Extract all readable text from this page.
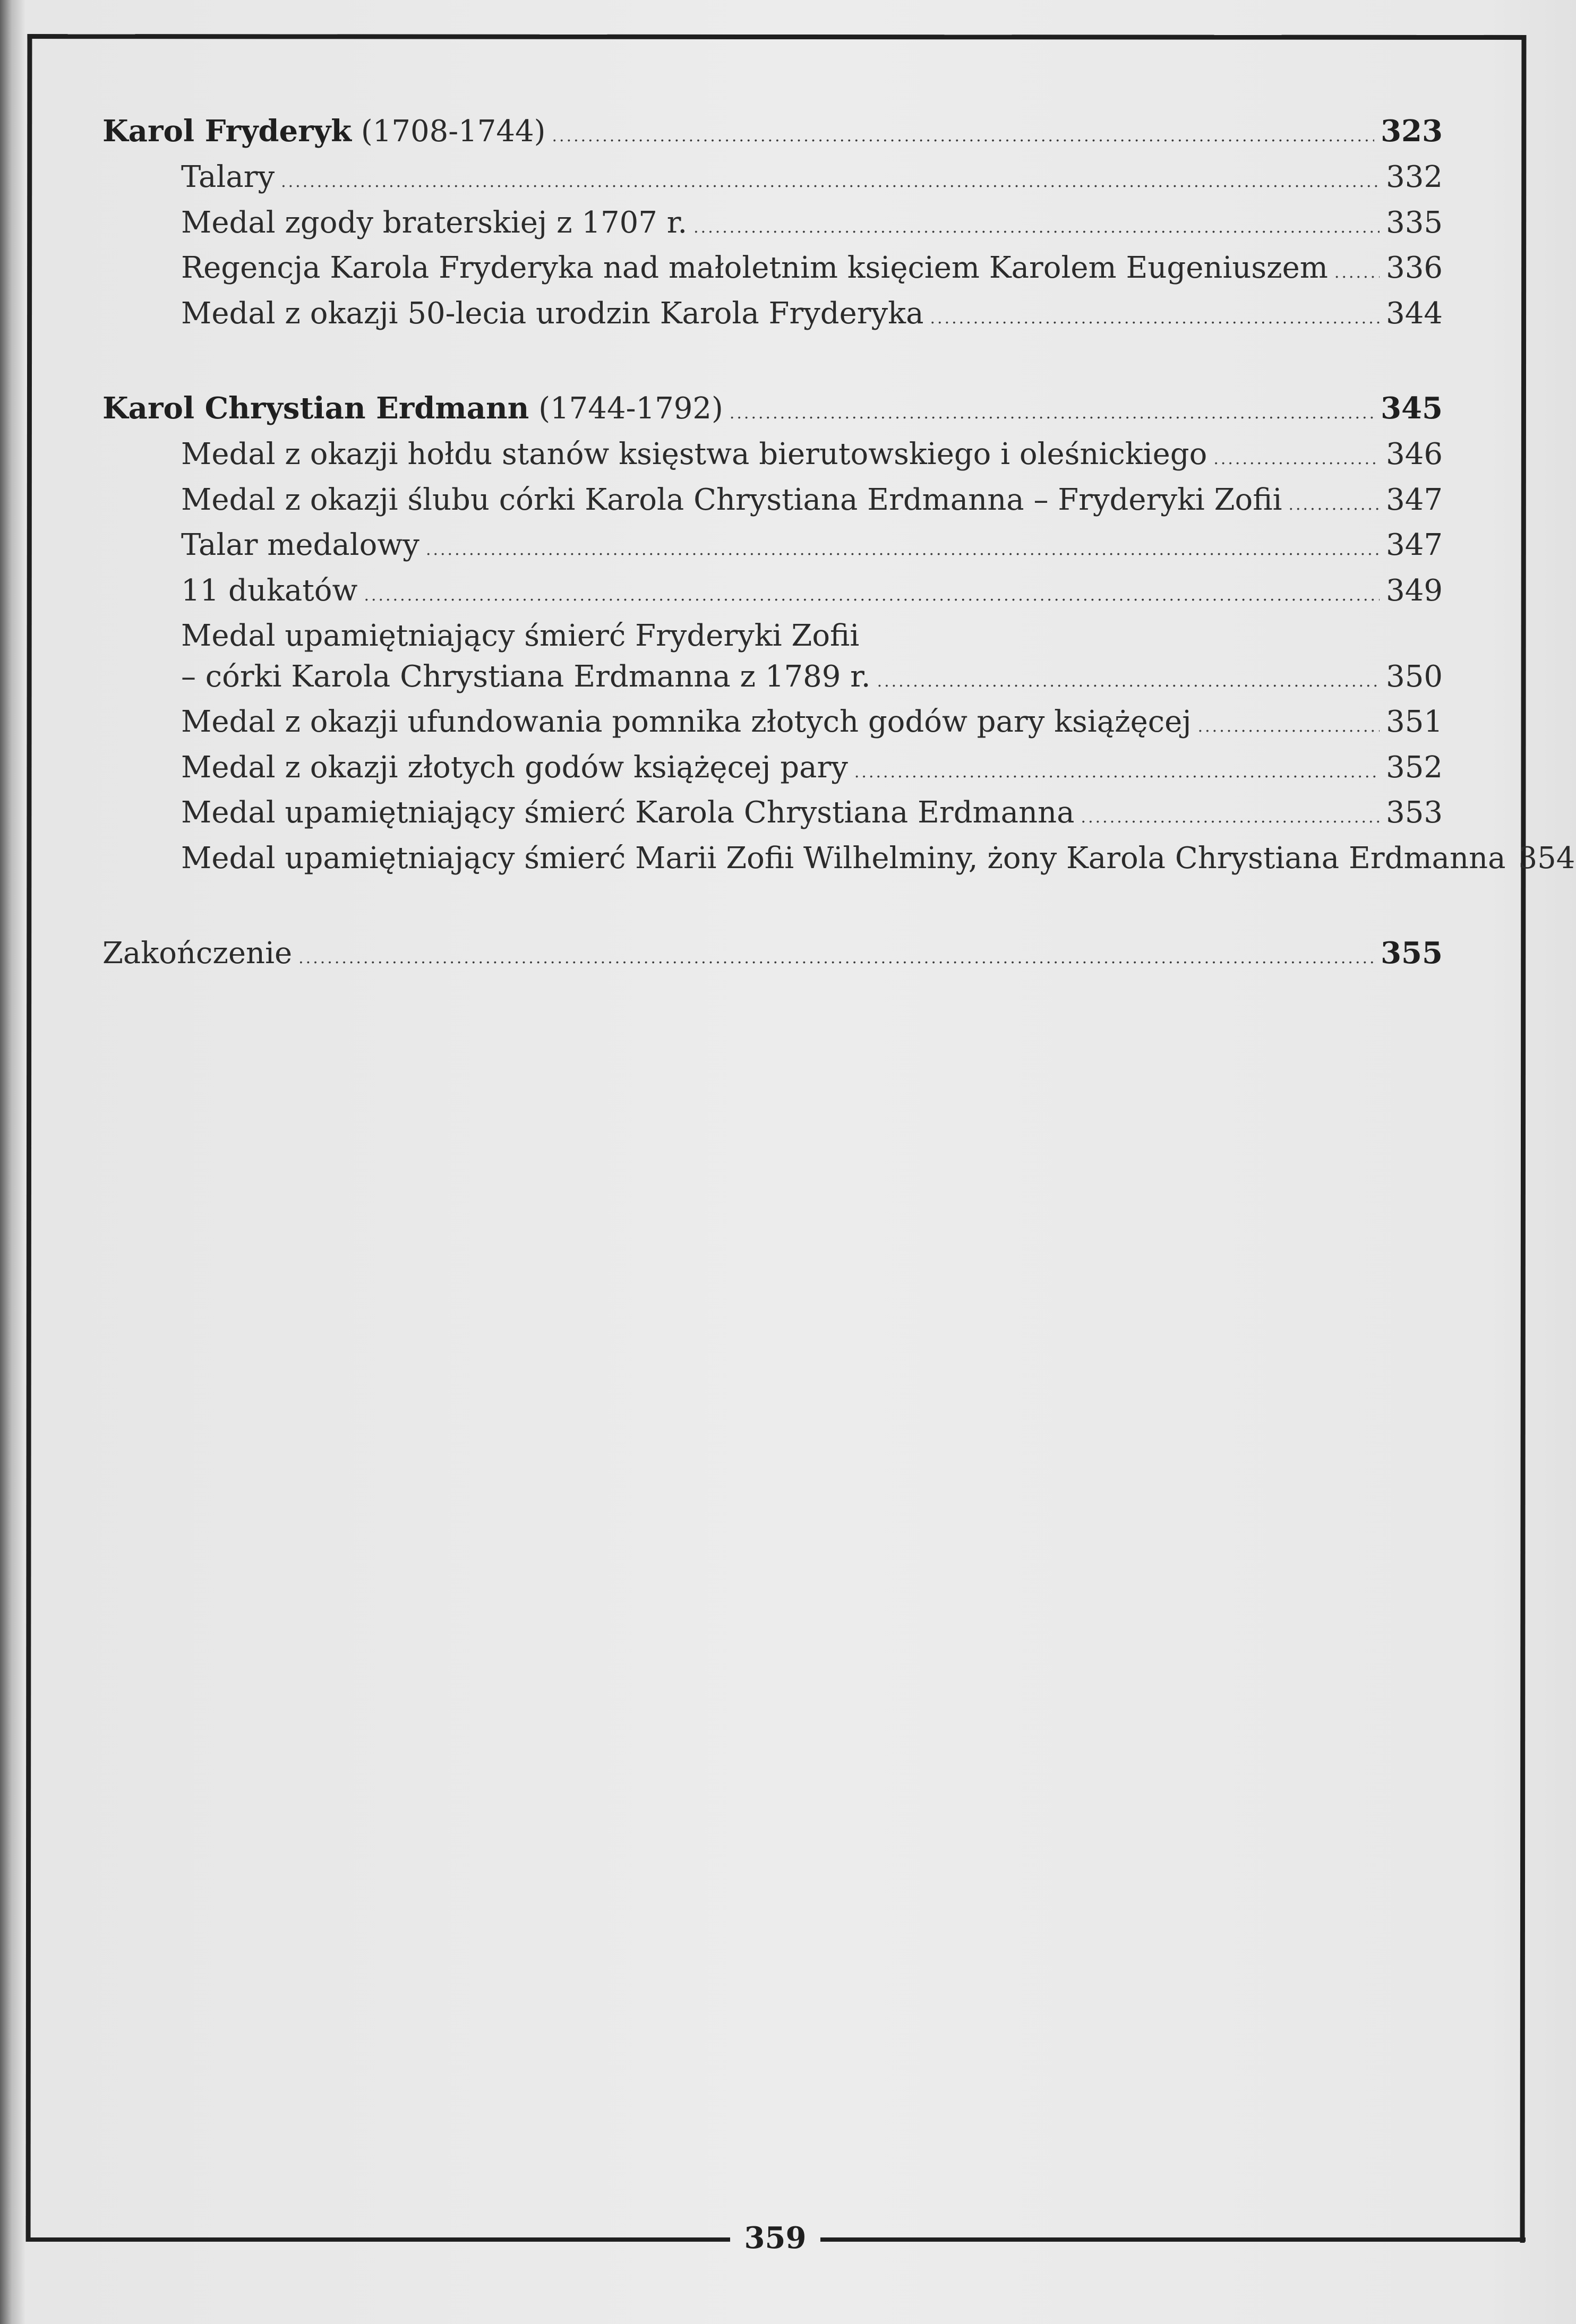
359
Karol Fryderyk (1708-1744) .....	323
Talary .....	332
Medal zgody braterskiej z 1707 r. .....	335
Regencja Karola Fryderyka nad małoletnim księciem Karolem Eugeniuszem ..... 336
Medal z okazji 50-lecia urodzin Karola Fryderyka .....	344
Karol Chrystian Erdmann (1744-1792) .....	345
Medal z okazji hołdu stanów księstwa bierutowskiego i oleśnickiego .....	346
Medal z okazji ślubu córki Karola Chrystiana Erdmanna – Fryderyki Zofii .....	347
Talar medalowy .....	347
11 dukatów .....	349
Medal upamiętniający śmierć Fryderyki Zofii
– córki Karola Chrystiana Erdmanna z 1789 r. .....	350
Medal z okazji ufundowania pomnika złotych godów pary książęcej .....	351
Medal z okazji złotych godów książęcej pary .....	352
Medal upamiętniający śmierć Karola Chrystiana Erdmanna .....	353
Medal upamiętniający śmierć Marii Zofii Wilhelminy, żony Karola Chrystiana Erdmanna 354
Zakończenie .....	355
